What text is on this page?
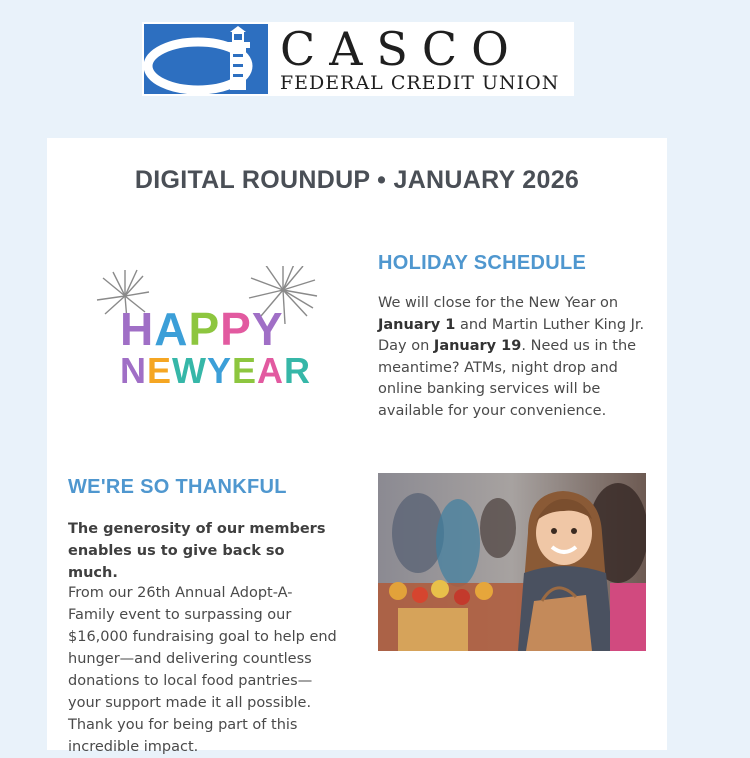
CASCO
FEDERAL CREDIT UNION
DIGITAL ROUNDUP • JANUARY 2026
HAPPY
NEWYEAR
HOLIDAY SCHEDULE
We will close for the New Year on January 1 and Martin Luther King Jr. Day on January 19. Need us in the meantime? ATMs, night drop and online banking services will be available for your convenience.
WE'RE SO THANKFUL
The generosity of our members enables us to give back so much.
From our 26th Annual Adopt-A-Family event to surpassing our $16,000 fundraising goal to help end hunger—and delivering countless donations to local food pantries—your support made it all possible. Thank you for being part of this incredible impact.
